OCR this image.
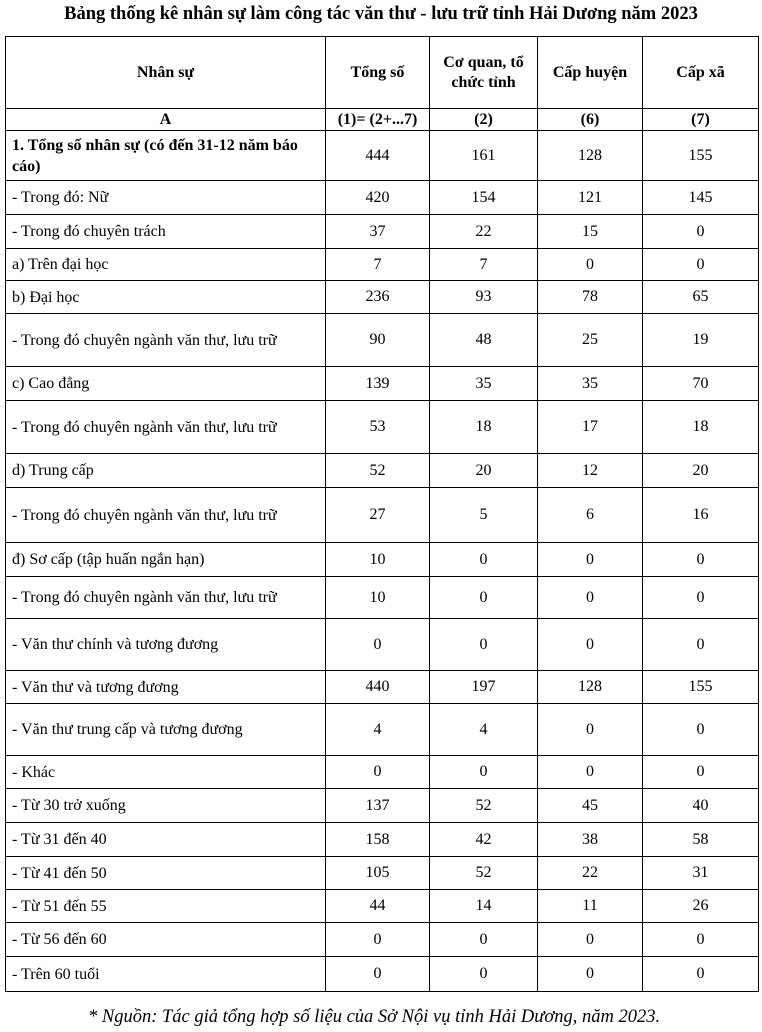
Bảng thống kê nhân sự làm công tác văn thư - lưu trữ tỉnh Hải Dương năm 2023
Nhân sự	Tổng số	Cơ quan, tổ chức tỉnh	Cấp huyện	Cấp xã
A	(1)= (2+...7)	(2)	(6)	(7)
1. Tổng số nhân sự (có đến 31-12 năm báo cáo)	444	161	128	155
- Trong đó: Nữ	420	154	121	145
- Trong đó chuyên trách	37	22	15	0
a) Trên đại học	7	7	0	0
b) Đại học	236	93	78	65
- Trong đó chuyên ngành văn thư, lưu trữ	90	48	25	19
c) Cao đẳng	139	35	35	70
- Trong đó chuyên ngành văn thư, lưu trữ	53	18	17	18
d) Trung cấp	52	20	12	20
- Trong đó chuyên ngành văn thư, lưu trữ	27	5	6	16
đ) Sơ cấp (tập huấn ngắn hạn)	10	0	0	0
- Trong đó chuyên ngành văn thư, lưu trữ	10	0	0	0
- Văn thư chính và tương đương	0	0	0	0
- Văn thư và tương đương	440	197	128	155
- Văn thư trung cấp và tương đương	4	4	0	0
- Khác	0	0	0	0
- Từ 30 trở xuống	137	52	45	40
- Từ 31 đến 40	158	42	38	58
- Từ 41 đến 50	105	52	22	31
- Từ 51 đến 55	44	14	11	26
- Từ 56 đến 60	0	0	0	0
- Trên 60 tuổi	0	0	0	0
* Nguồn: Tác giả tổng hợp số liệu của Sở Nội vụ tỉnh Hải Dương, năm 2023.
